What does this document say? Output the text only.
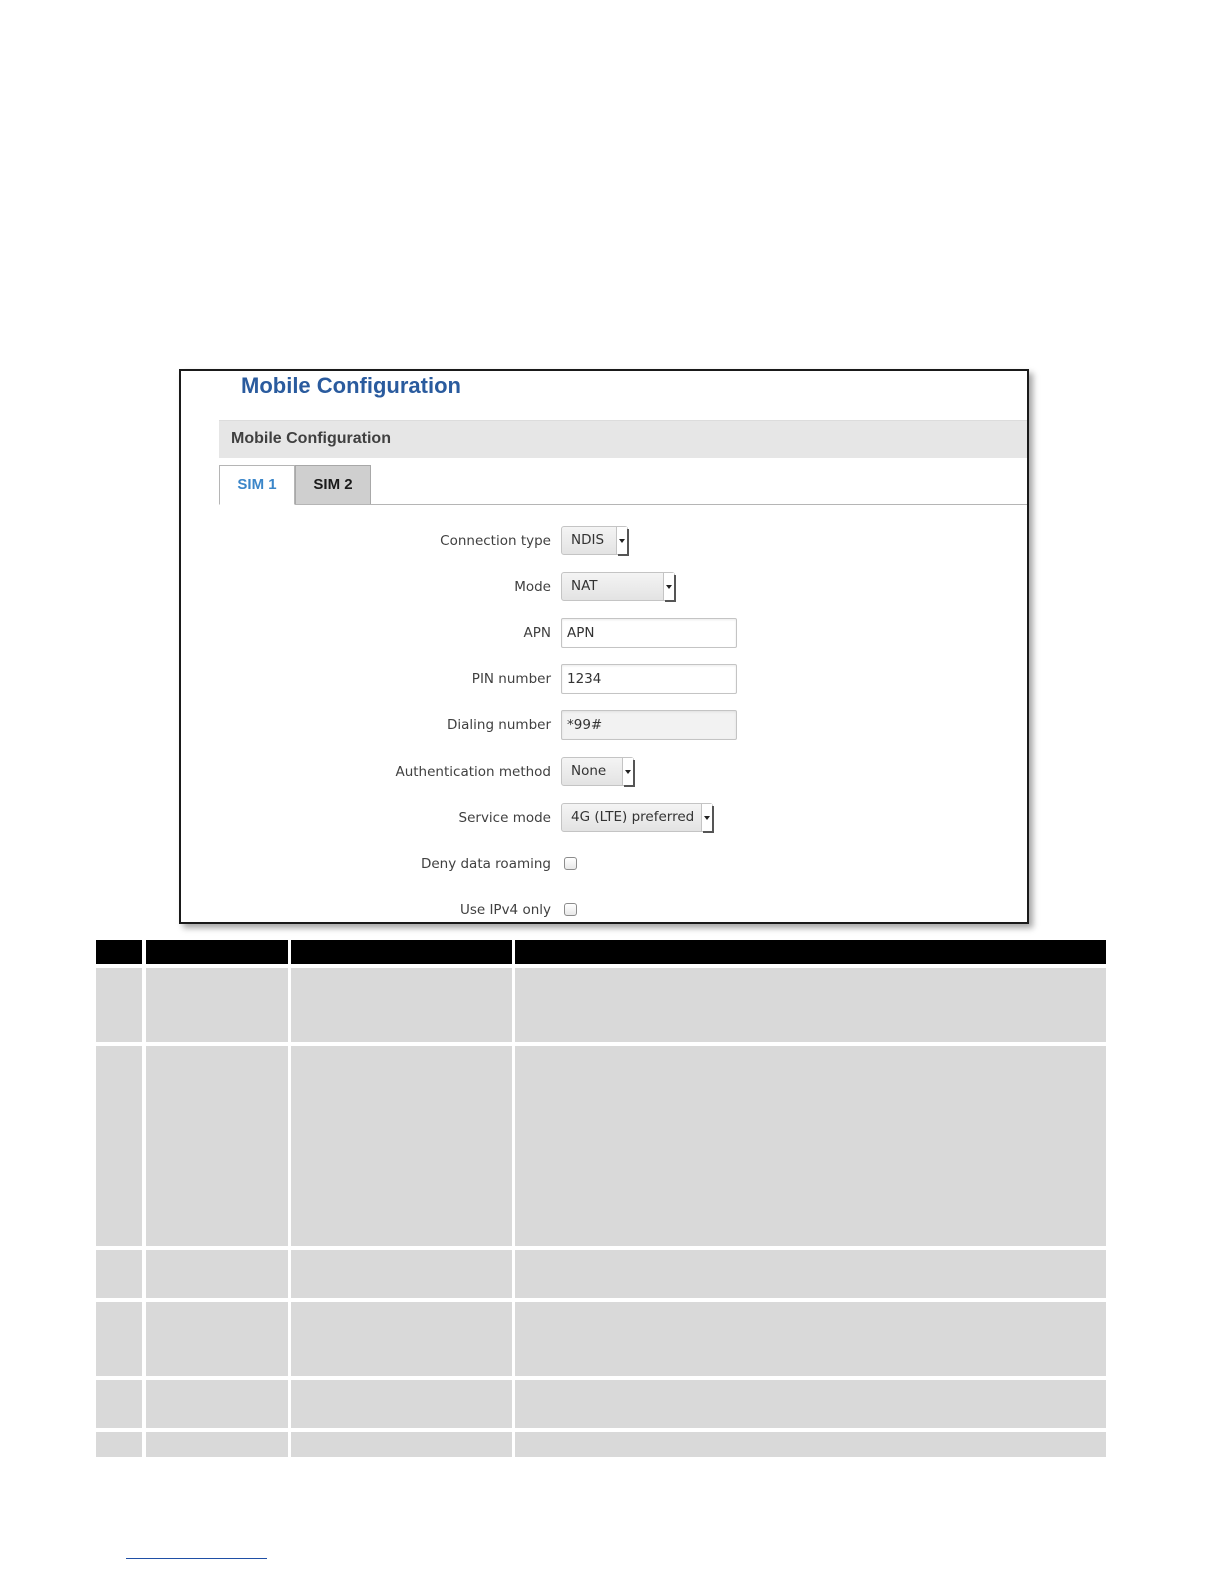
Mobile Configuration
Mobile Configuration
SIM 1	SIM 2
Connection type	NDIS
Mode	NAT
APN	APN
PIN number	1234
Dialing number	*99#
Authentication method	None
Service mode	4G (LTE) preferred
Deny data roaming
Use IPv4 only
